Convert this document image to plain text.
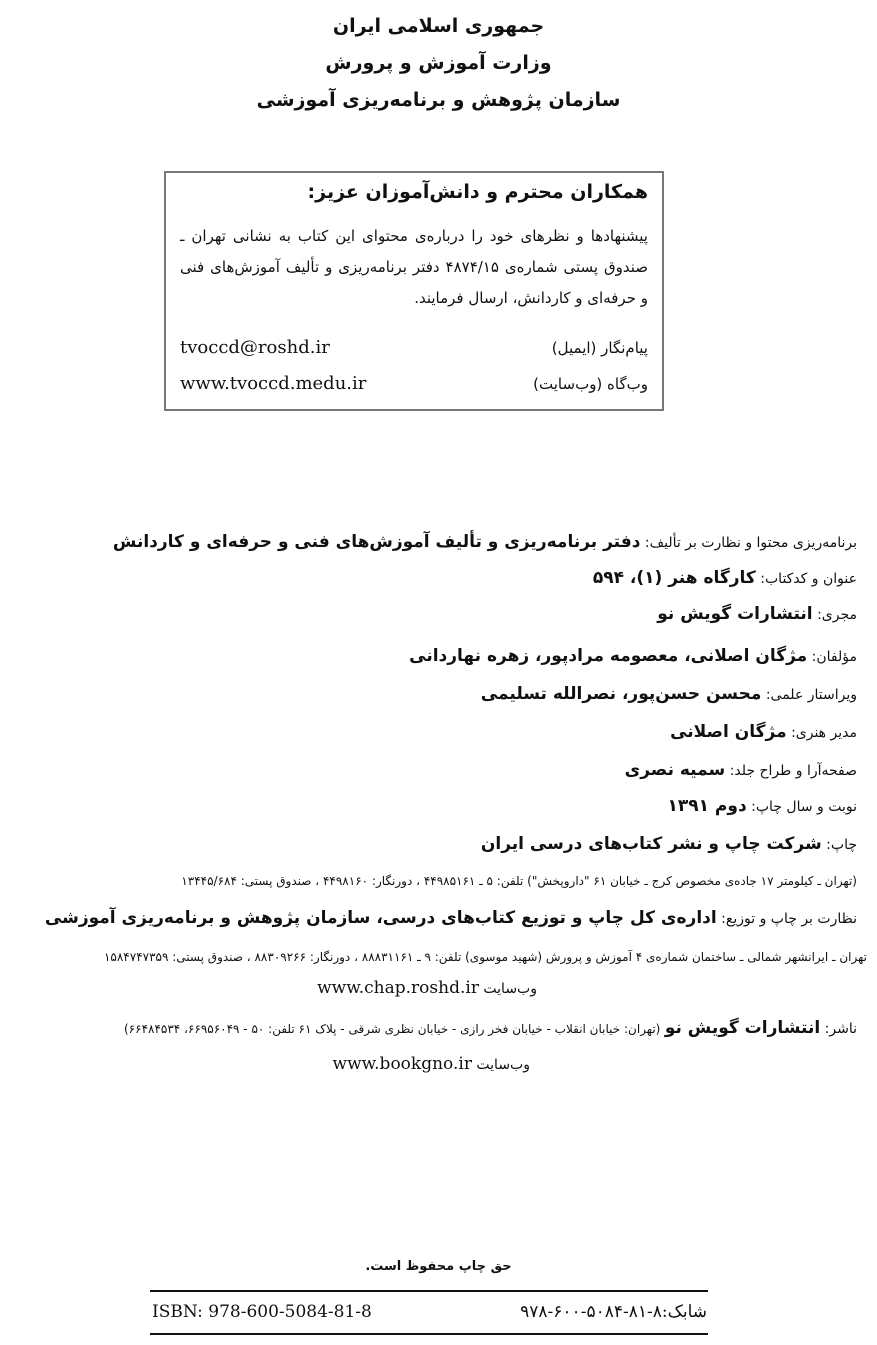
جمهوری اسلامی ایران
وزارت آموزش و پرورش
سازمان پژوهش و برنامه‌ریزی آموزشی
همکاران محترم و دانش‌آموزان عزیز:
پیشنهادها و نظرهای خود را درباره‌ی محتوای این کتاب به نشانی تهران ـ صندوق پستی شماره‌ی ۴۸۷۴/۱۵ دفتر برنامه‌ریزی و تألیف آموزش‌های فنی و حرفه‌ای و کاردانش، ارسال فرمایند.
پیام‌نگار (ایمیل)
tvoccd@roshd.ir
وب‌گاه (وب‌سایت)
www.tvoccd.medu.ir
برنامه‌ریزی محتوا و نظارت بر تألیف: دفتر برنامه‌ریزی و تألیف آموزش‌های فنی و حرفه‌ای و کاردانش
عنوان و کدکتاب: کارگاه هنر (۱)، ۵۹۴
مجری: انتشارات گویش نو
مؤلفان: مژگان اصلانی، معصومه مرادپور، زهره نهاردانی
ویراستار علمی: محسن حسن‌پور، نصرالله تسلیمی
مدیر هنری: مژگان اصلانی
صفحه‌آرا و طراح جلد: سمیه نصری
نوبت و سال چاپ: دوم ۱۳۹۱
چاپ: شرکت چاپ و نشر کتاب‌های درسی ایران
(تهران ـ کیلومتر ۱۷ جاده‌ی مخصوص کرج ـ خیابان ۶۱ "داروپخش") تلفن: ۵ ـ ۴۴۹۸۵۱۶۱ ، دورنگار: ۴۴۹۸۱۶۰ ، صندوق پستی: ۱۳۴۴۵/۶۸۴
نظارت بر چاپ و توزیع: اداره‌ی کل چاپ و توزیع کتاب‌های درسی، سازمان پژوهش و برنامه‌ریزی آموزشی
تهران ـ ایرانشهر شمالی ـ ساختمان شماره‌ی ۴ آموزش و پرورش (شهید موسوی) تلفن: ۹ ـ ۸۸۸۳۱۱۶۱ ، دورنگار: ۸۸۳۰۹۲۶۶ ، صندوق پستی: ۱۵۸۴۷۴۷۳۵۹
وب‌سایت www.chap.roshd.ir
ناشر: انتشارات گویش نو (تهران: خیابان انقلاب - خیابان فخر رازی - خیابان نظری شرقی - پلاک ۶۱ تلفن: ۵۰ - ۶۶۹۵۶۰۴۹، ۶۶۴۸۴۵۳۴)
وب‌سایت www.bookgno.ir
حق چاپ محفوظ است.
ISBN: 978-600-5084-81-8	شابک:۸-۸۱-۵۰۸۴-۶۰۰-۹۷۸
